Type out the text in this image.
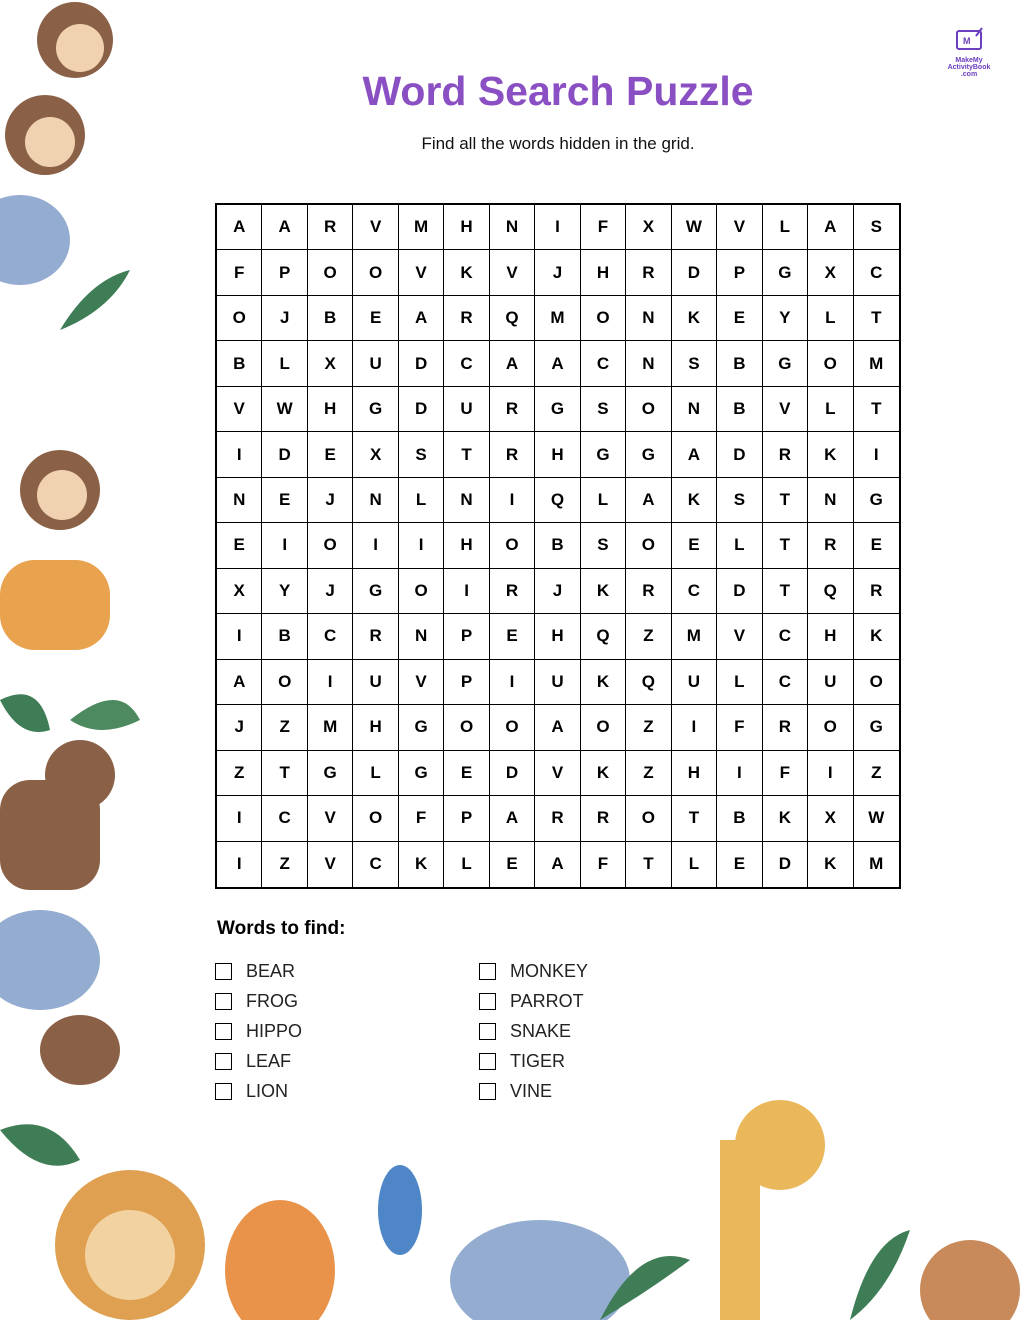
M
MakeMy ActivityBook .com
Word Search Puzzle
Find all the words hidden in the grid.
A	A	R	V	M	H	N	I	F	X	W	V	L	A	S
F	P	O	O	V	K	V	J	H	R	D	P	G	X	C
O	J	B	E	A	R	Q	M	O	N	K	E	Y	L	T
B	L	X	U	D	C	A	A	C	N	S	B	G	O	M
V	W	H	G	D	U	R	G	S	O	N	B	V	L	T
I	D	E	X	S	T	R	H	G	G	A	D	R	K	I
N	E	J	N	L	N	I	Q	L	A	K	S	T	N	G
E	I	O	I	I	H	O	B	S	O	E	L	T	R	E
X	Y	J	G	O	I	R	J	K	R	C	D	T	Q	R
I	B	C	R	N	P	E	H	Q	Z	M	V	C	H	K
A	O	I	U	V	P	I	U	K	Q	U	L	C	U	O
J	Z	M	H	G	O	O	A	O	Z	I	F	R	O	G
Z	T	G	L	G	E	D	V	K	Z	H	I	F	I	Z
I	C	V	O	F	P	A	R	R	O	T	B	K	X	W
I	Z	V	C	K	L	E	A	F	T	L	E	D	K	M
Words to find:
BEAR
FROG
HIPPO
LEAF
LION
MONKEY
PARROT
SNAKE
TIGER
VINE
